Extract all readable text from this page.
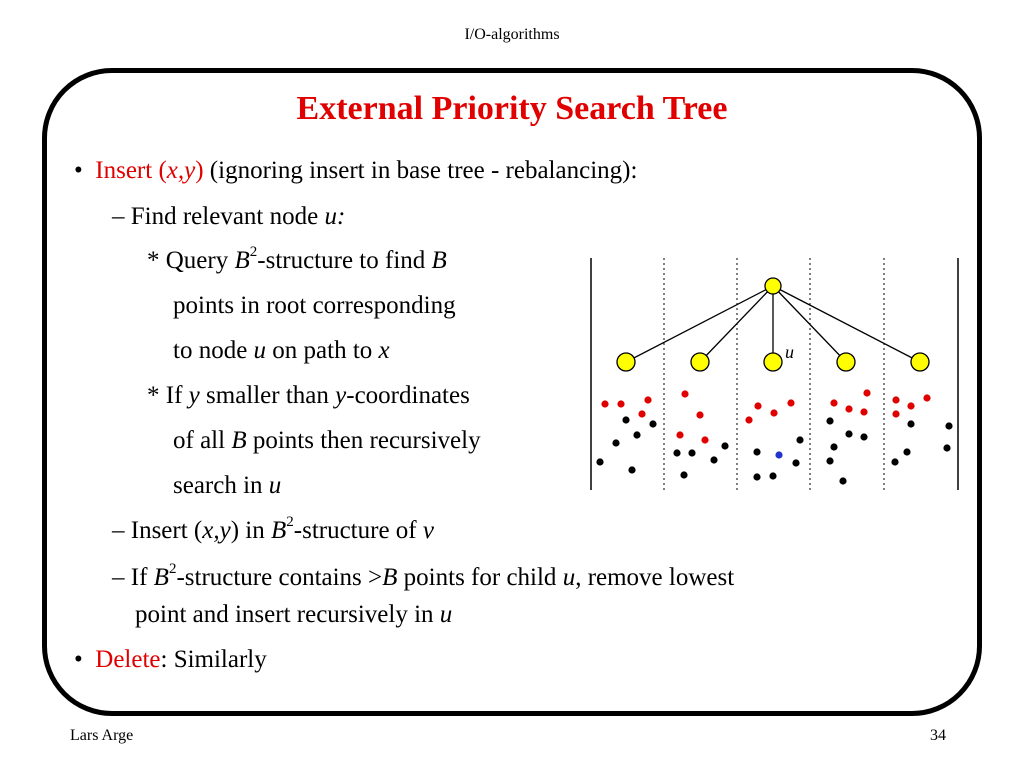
I/O-algorithms
External Priority Search Tree
• Insert (x,y) (ignoring insert in base tree - rebalancing):
– Find relevant node u:
* Query $B^2$-structure to find B
points in root corresponding
to node u on path to x
* If y smaller than y-coordinates
of all B points then recursively
search in u
– Insert (x,y) in $B^2$-structure of v
– If $B^2$-structure contains >B points for child u, remove lowest
point and insert recursively in u
• Delete: Similarly
u
Lars Arge	34
